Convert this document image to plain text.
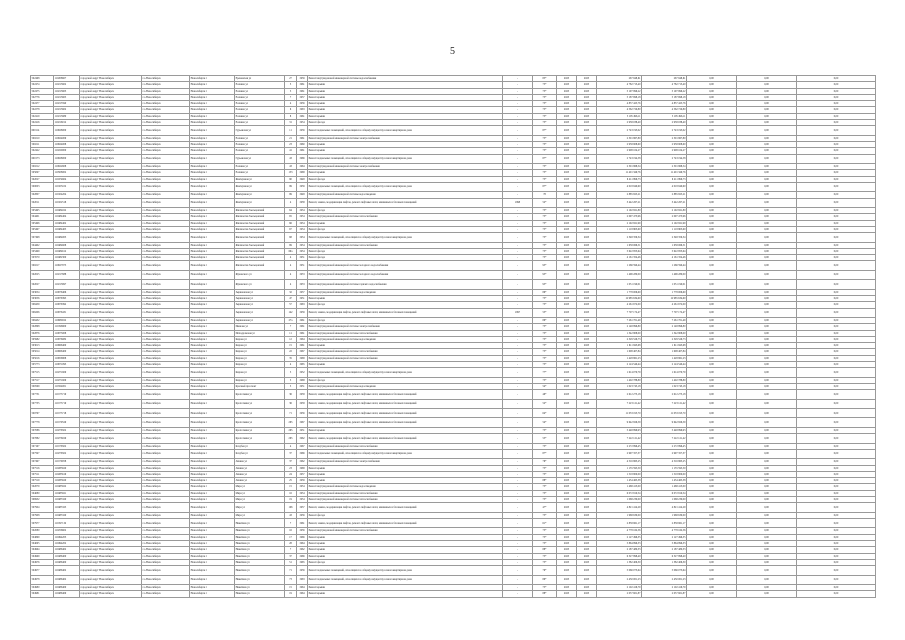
5
502468	110208607	городской округ Новосибирск	г.о.Новосибирск	Новосибирск г	Ереванская ул	27	1959	Ремонт внутридомовой инженерной системы водоснабжения	-	85*	2023	2023	267 948,61	267 948,61	0,00	0,00	0,00
502474	110215602	городской округ Новосибирск	г.о.Новосибирск	Новосибирск г	Есенина ул	3	1961	Ремонт крыши	-	75*	2023	2023	4 782 713,40	4 782 713,40	0,00	0,00	0,00
502475	110215603	городской округ Новосибирск	г.о.Новосибирск	Новосибирск г	Есенина ул	5	1961	Ремонт крыши	-	75*	2023	2023	5 197 996,22	5 197 996,22	0,00	0,00	0,00
502776	110215605	городской округ Новосибирск	г.о.Новосибирск	Новосибирск г	Есенина ул	7	1957	Ремонт крыши	-	75*	2023	2023	5 187 698,18	5 187 698,18	0,00	0,00	0,00
502477	110215590	городской округ Новосибирск	г.о.Новосибирск	Новосибирск г	Есенина ул	4	1956	Ремонт крыши	-	75*	2023	2023	4 857 425,76	4 857 425,76	0,00	0,00	0,00
502278	110215602	городской округ Новосибирск	г.о.Новосибирск	Новосибирск г	Есенина ул	6	1963	Ремонт крыши	-	75*	2023	2023	4 562 720,80	4 562 720,80	0,00	0,00	0,00
502419	110215980	городской округ Новосибирск	г.о.Новосибирск	Новосибирск г	Есенина ул	8	1961	Ремонт крыши	-	75*	2023	2023	5 195 496,11	5 195 496,11	0,00	0,00	0,00
502416	110216012	городской округ Новосибирск	г.о.Новосибирск	Новосибирск г	Есенина ул	31	1954	Ремонт фасада	-	75*	2023	2023	2 938 038,40	2 938 038,40	0,00	0,00	0,00
600114	110628000	городской округ Новосибирск	г.о.Новосибирск	Новосибирск г	Гурьевская ул	11	1956	Ремонт подвальных помещений, относящихся к общему имуществу в многоквартирном доме	-	87*	2023	2023	2 743 193,02	2 743 193,02	0,00	0,00	0,00
500210	110624009	городской округ Новосибирск	г.о.Новосибирск	Новосибирск г	Есенина ул	21	1961	Ремонт внутридомовой инженерной системы электроснабжения	-	75*	2023	2023	2 301 867,80	2 301 867,80	0,00	0,00	0,00
500211	110624008	городской округ Новосибирск	г.о.Новосибирск	Новосибирск г	Есенина ул	23	1960	Ремонт крыши	-	75*	2023	2023	2 958 908,60	2 958 908,60	0,00	0,00	0,00
502422	110220000	городской округ Новосибирск	г.о.Новосибирск	Новосибирск г	Есенина ул	41	1961	Ремонт крыши	-	75*	2023	2023	2 908 104,27	2 908 104,27	0,00	0,00	0,00
600173	110628000	городской округ Новосибирск	г.о.Новосибирск	Новосибирск г	Гурьевская ул	43	1966	Ремонт подвальных помещений, относящихся к общему имуществу в многоквартирном доме	-	87*	2023	2023	2 743 194,58	2 743 194,58	0,00	0,00	0,00
500212	110622608	городской округ Новосибирск	г.о.Новосибирск	Новосибирск г	Есенина ул	43	1964	Ремонт внутридомовой инженерной системы электроснабжения	-	75*	2023	2023	2 301 868,54	2 301 868,54	0,00	0,00	0,00
505097	110508002	городской округ Новосибирск	г.о.Новосибирск	Новосибирск г	Есенина ул	153	1968	Ремонт крыши	-	75*	2023	2023	11 401 349,76	11 401 349,76	0,00	0,00	0,00
502027	110474604	городской округ Новосибирск	г.о.Новосибирск	Новосибирск г	Жемчужная ул	90	1948	Ремонт фасада	-	75*	2023	2023	6 211 896,73	6 211 896,73	0,00	0,00	0,00
500003	110105102	городской округ Новосибирск	г.о.Новосибирск	Новосибирск г	Жемчужная ул	99	1959	Ремонт подвальных помещений, относящихся к общему имуществу в многоквартирном доме	-	87*	2023	2023	4 018 940,60	4 018 940,60	0,00	0,00	0,00
502807	110104204	городской округ Новосибирск	г.о.Новосибирск	Новосибирск г	Жемчужная ул	99	1948	Ремонт внутридомовой инженерной системы водоотведения	-	78	2023	2023	2 885 825,21	2 885 825,21	0,00	0,00	0,00
502011	110102518	городской округ Новосибирск	г.о.Новосибирск	Новосибирск г	Жемчужная ул	4	1938	Ремонт, замена, модернизация лифтов, ремонт лифтовых шахт, машинных и блочных помещений	1998	52*	2023	2023	3 442 267,21	3 442 267,21	0,00	0,00	0,00
505495	110484022	городской округ Новосибирск	г.о.Новосибирск	Новосибирск г	Жилмассив Заельцовский	64	1954	Ремонт фасада	-	75*	2023	2023	2 192 821,80	2 192 821,80	0,00	0,00	0,00
504401	110484404	городской округ Новосибирск	г.о.Новосибирск	Новосибирск г	Жилмассив Заельцовский	65	1954	Ремонт внутридомовой инженерной системы теплоснабжения	-	75*	2023	2023	2 097 473,96	2 097 473,96	0,00	0,00	0,00
505496	110484402	городской округ Новосибирск	г.о.Новосибирск	Новосибирск г	Жилмассив Заельцовский	66	1954	Ремонт крыши	-	75*	2023	2023	2 192 821,99	2 192 821,99	0,00	0,00	0,00
505497	110484405	городской округ Новосибирск	г.о.Новосибирск	Новосибирск г	Жилмассив Заельцовский	67	1954	Ремонт фасада	-	75*	2023	2023	1 118 863,60	1 118 863,60	0,00	0,00	0,00
507498	110484003	городской округ Новосибирск	г.о.Новосибирск	Новосибирск г	Жилмассив Заельцовский	68	1954	Ремонт подвальных помещений, относящихся к общему имуществу в многоквартирном доме	-	75*	2023	2023	2 348 359,34	2 348 359,34	0,00	0,00	0,00
504402	110484608	городской округ Новосибирск	г.о.Новосибирск	Новосибирск г	Жилмассив Заельцовский	69	1954	Ремонт внутридомовой инженерной системы теплоснабжения	-	75*	2023	2023	1 658 066,51	1 658 066,51	0,00	0,00	0,00
505499	110484612	городской округ Новосибирск	г.о.Новосибирск	Новосибирск г	Жилмассив Заельцовский	69а	1954	Ремонт фасада	-	75*	2023	2023	5 622 853,64	5 622 853,64	0,00	0,00	0,00
503570	110482300	городской округ Новосибирск	г.о.Новосибирск	Новосибирск г	Жилмассив Заельцовский	4	1951	Ремонт фасада	-	75*	2023	2023	4 161 354,46	4 161 354,46	0,00	0,00	0,00
500217	110627975	городской округ Новосибирск	г.о.Новосибирск	Новосибирск г	Жилмассив Заельцовский	4	1951	Ремонт внутридомовой инженерной системы холодного водоснабжения	-	95*	2023	2023	1 266 590,44	1 266 590,44	0,00	0,00	0,00
502025	110217688	городской округ Новосибирск	г.о.Новосибирск	Новосибирск г	Жуковского ул	4	1953	Ремонт внутридомовой инженерной системы холодного водоснабжения	-	95*	2023	2023	1 496 280,00	1 496 280,00	0,00	0,00	0,00
502027	110215697	городской округ Новосибирск	г.о.Новосибирск	Новосибирск г	Жуковского ул	4	1953	Ремонт внутридомовой инженерной системы горячего водоснабжения	-	95*	2023	2023	1 051 190,01	1 051 190,01	0,00	0,00	0,00
503054	110676406	городской округ Новосибирск	г.о.Новосибирск	Новосибирск г	Зыряновская ул	32	1957	Ремонт внутридомовой инженерной системы водоотведения	-	86*	2023	2023	1 778 006,60	1 778 006,60	0,00	0,00	0,00
503056	110676395	городской округ Новосибирск	г.о.Новосибирск	Новосибирск г	Зыряновская ул	47	1951	Ремонт крыши	-	75*	2023	2023	12 985 634,60	12 985 634,60	0,00	0,00	0,00
506459	110676392	городской округ Новосибирск	г.о.Новосибирск	Новосибирск г	Зыряновская ул	57	1963	Ремонт фасада	-	75*	2023	2023	4 261 672,00	4 261 672,00	0,00	0,00	0,00
506206	110676431	городской округ Новосибирск	г.о.Новосибирск	Новосибирск г	Зыряновская ул	142	1959	Ремонт, замена, модернизация лифтов, ремонт лифтовых шахт, машинных и блочных помещений	1997	55*	2023	2023	7 707 172,47	7 707 172,47	0,00	0,00	0,00
506432	110680022	городской округ Новосибирск	г.о.Новосибирск	Новосибирск г	Зыряновская ул	27а	1961	Ремонт фасада	-	86*	2023	2023	7 261 701,49	7 261 701,49	0,00	0,00	0,00
502868	110196900	городской округ Новосибирск	г.о.Новосибирск	Новосибирск г	Иванова ул	7	1961	Ремонт внутридомовой инженерной системы электроснабжения	-	75*	2023	2023	2 148 896,80	2 148 896,80	0,00	0,00	0,00
502876	110675008	городской округ Новосибирск	г.о.Новосибирск	Новосибирск г	Ипподромская ул	11	1961	Ремонт внутридомовой инженерной системы теплоснабжения	-	75*	2023	2023	1 342 808,00	1 342 808,00	0,00	0,00	0,00
505982	110676082	городской округ Новосибирск	г.о.Новосибирск	Новосибирск г	Кирова ул	12	1964	Ремонт внутридомовой инженерной системы водоотведения	-	75*	2023	2023	2 329 526,73	2 329 526,73	0,00	0,00	0,00
503013	110666400	городской округ Новосибирск	г.о.Новосибирск	Новосибирск г	Кирова ул	15	1961	Ремонт крыши	-	75*	2023	2023	1 611 843,68	1 611 843,68	0,00	0,00	0,00
505014	110666400	городской округ Новосибирск	г.о.Новосибирск	Новосибирск г	Кирова ул	22	1967	Ремонт внутридомовой инженерной системы теплоснабжения	-	75*	2023	2023	1 608 407,84	1 608 407,84	0,00	0,00	0,00
505016	110656808	городской округ Новосибирск	г.о.Новосибирск	Новосибирск г	Кирова ул	35	1968	Ремонт внутридомовой инженерной системы теплоснабжения	-	75*	2023	2023	1 428 861,23	1 428 861,23	0,00	0,00	0,00
505773	110671093	городской округ Новосибирск	г.о.Новосибирск	Новосибирск г	Кирова ул	4	1965	Ремонт крыши	-	75*	2023	2023	2 124 540,44	2 124 540,44	0,00	0,00	0,00
507515	110271609	городской округ Новосибирск	г.о.Новосибирск	Новосибирск г	Кирова ул	5	1952	Ремонт подвальных помещений, относящихся к общему имуществу в многоквартирном доме	-	77*	2023	2023	1 614 070,79	1 614 070,79	0,00	0,00	0,00
507517	110271609	городской округ Новосибирск	г.о.Новосибирск	Новосибирск г	Кирова ул	5	1968	Ремонт фасада	-	75*	2023	2023	1 402 788,80	1 402 788,80	0,00	0,00	0,00
500569	110324001	городской округ Новосибирск	г.о.Новосибирск	Новосибирск г	Красный проспект	5	1951	Ремонт внутридомовой инженерной системы водоотведения	-	54*	2023	2023	1 023 743,18	1 023 743,18	0,00	0,00	0,00
507731	110175719	городской округ Новосибирск	г.о.Новосибирск	Новосибирск г	Кропоткина ул	36	1958	Ремонт, замена, модернизация лифтов, ремонт лифтовых шахт, машинных и блочных помещений	-	46*	2023	2023	2 612 273,18	2 612 273,18	0,00	0,00	0,00
507735	110175719	городской округ Новосибирск	г.о.Новосибирск	Новосибирск г	Кропоткина ул	36	1958	Ремонт, замена, модернизация лифтов, ремонт лифтовых шахт, машинных и блочных помещений	-	52*	2023	2023	7 223 121,42	7 223 121,42	0,00	0,00	0,00
500767	110175718	городской округ Новосибирск	г.о.Новосибирск	Новосибирск г	Кропоткина ул	71	1956	Ремонт, замена, модернизация лифтов, ремонт лифтовых шахт, машинных и блочных помещений	-	64*	2023	2023	11 033 193,70	11 033 193,70	0,00	0,00	0,00
507778	110179529	городской округ Новосибирск	г.о.Новосибирск	Новосибирск г	Кропоткина ул	265	1967	Ремонт, замена, модернизация лифтов, ремонт лифтовых шахт, машинных и блочных помещений	-	54*	2023	2023	9 642 826,59	9 642 826,59	0,00	0,00	0,00
507086	110276502	городской округ Новосибирск	г.о.Новосибирск	Новосибирск г	Кропоткина ул	265	1951	Ремонт крыши	-	75*	2023	2023	5 448 896,93	5 448 896,93	0,00	0,00	0,00
507882	110276029	городской округ Новосибирск	г.о.Новосибирск	Новосибирск г	Кропоткина ул	265	1962	Ремонт, замена, модернизация лифтов, ремонт лифтовых шахт, машинных и блочных помещений	-	55*	2023	2023	7 222 121,42	7 222 121,42	0,00	0,00	0,00
507167	110176502	городской округ Новосибирск	г.о.Новосибирск	Новосибирск г	Кочубея ул	4	1967	Ремонт внутридомовой инженерной системы теплоснабжения	-	75*	2023	2023	2 272 896,45	2 272 896,45	0,00	0,00	0,00
507597	110276502	городской округ Новосибирск	г.о.Новосибирск	Новосибирск г	Кочубея ул	37	1966	Ремонт подвальных помещений, относящихся к общему имуществу в многоквартирном доме	-	87*	2023	2023	2 997 357,37	2 997 357,37	0,00	0,00	0,00
507497	110179058	городской округ Новосибирск	г.о.Новосибирск	Новосибирск г	Ленина ул	37	1962	Ремонт внутридомовой инженерной системы электроснабжения	-	76*	2023	2023	4 516 863,25	4 516 863,25	0,00	0,00	0,00
507516	110285620	городской округ Новосибирск	г.о.Новосибирск	Новосибирск г	Ленина ул	23	1968	Ремонт крыши	-	75*	2023	2023	1 155 595,50	1 155 595,50	0,00	0,00	0,00
507511	110285619	городской округ Новосибирск	г.о.Новосибирск	Новосибирск г	Ленина ул	24	1957	Ремонт крыши	-	75*	2023	2023	1 518 800,00	1 518 800,00	0,00	0,00	0,00
507519	110285620	городской округ Новосибирск	г.о.Новосибирск	Новосибирск г	Ленина ул	25	1959	Ремонт крыши	-	88*	2023	2023	1 454 465,38	1 454 465,38	0,00	0,00	0,00
502079	110485922	городской округ Новосибирск	г.о.Новосибирск	Новосибирск г	Мира ул	15	1954	Ремонт внутридомовой инженерной системы водоотведения	-	75*	2023	2023	1 468 413,00	1 468 413,00	0,00	0,00	0,00
504080	110485921	городской округ Новосибирск	г.о.Новосибирск	Новосибирск г	Мира ул	16	1954	Ремонт внутридомовой инженерной системы теплоснабжения	-	75*	2023	2023	6 072 810,54	6 072 810,54	0,00	0,00	0,00
506932	110485320	городской округ Новосибирск	г.о.Новосибирск	Новосибирск г	Мира ул	19	1954	Ремонт внутридомовой инженерной системы теплоснабжения	-	75*	2023	2023	1 068 230,00	1 068 230,00	0,00	0,00	0,00
507904	110485325	городской округ Новосибирск	г.о.Новосибирск	Новосибирск г	Мира ул	106	1957	Ремонт, замена, модернизация лифтов, ремонт лифтовых шахт, машинных и блочных помещений	-	47*	2023	2023	4 821 414,29	4 821 414,29	0,00	0,00	0,00
507908	110485320	городской округ Новосибирск	г.о.Новосибирск	Новосибирск г	Мира ул	43	1956	Ремонт фасада	-	75*	2023	2023	1 968 630,00	1 968 630,00	0,00	0,00	0,00
507977	110197119	городской округ Новосибирск	г.о.Новосибирск	Новосибирск г	Никитина ул	7	1961	Ремонт, замена, модернизация лифтов, ремонт лифтовых шахт, машинных и блочных помещений	-	61*	2023	2023	2 858 961,17	2 858 961,17	0,00	0,00	0,00
502080	110256602	городской округ Новосибирск	г.о.Новосибирск	Новосибирск г	Никитина ул	16	1956	Ремонт внутридомовой инженерной системы теплоснабжения	-	75*	2023	2023	4 778 162,56	4 778 162,56	0,00	0,00	0,00
504869	110494203	городской округ Новосибирск	г.о.Новосибирск	Новосибирск г	Никитина ул	17	1966	Ремонт крыши	-	75*	2023	2023	2 127 496,35	2 127 496,35	0,00	0,00	0,00
504065	110494202	городской округ Новосибирск	г.о.Новосибирск	Новосибирск г	Никитина ул	28	1964	Ремонт крыши	-	75*	2023	2023	5 864 896,33	5 864 896,33	0,00	0,00	0,00
504964	110486402	городской округ Новосибирск	г.о.Новосибирск	Новосибирск г	Никитина ул	7	1962	Ремонт крыши	-	88*	2023	2023	2 187 480,33	2 187 480,33	0,00	0,00	0,00
504969	110486400	городской округ Новосибирск	г.о.Новосибирск	Новосибирск г	Никитина ул	37	1966	Ремонт крыши	-	75*	2023	2023	6 327 898,40	6 327 898,40	0,00	0,00	0,00
504976	110486400	городской округ Новосибирск	г.о.Новосибирск	Новосибирск г	Никитина ул	51	1965	Ремонт фасада	-	75*	2023	2023	1 382 406,30	1 382 406,30	0,00	0,00	0,00
504977	110486402	городской округ Новосибирск	г.о.Новосибирск	Новосибирск г	Никитина ул	71	1956	Ремонт подвальных помещений, относящихся к общему имуществу в многоквартирном доме	-	79*	2023	2023	5 066 073,64	5 066 073,64	0,00	0,00	0,00
504978	110486402	городской округ Новосибирск	г.о.Новосибирск	Новосибирск г	Никитина ул	73	1963	Ремонт подвальных помещений, относящихся к общему имуществу в многоквартирном доме	-	86*	2023	2023	2 450 001,23	2 450 001,23	0,00	0,00	0,00
504980	110486400	городской округ Новосибирск	г.о.Новосибирск	Новосибирск г	Никитина ул	15	1964	Ремонт крыши	-	75*	2023	2023	2 102 416,79	2 102 416,79	0,00	0,00	0,00
504981	110486409	городской округ Новосибирск	г.о.Новосибирск	Новосибирск г	Никитина ул	19	1964	Ремонт крыши	-	88*	2023	2023	2 057 601,87	2 057 601,87	0,00	0,00	0,00
